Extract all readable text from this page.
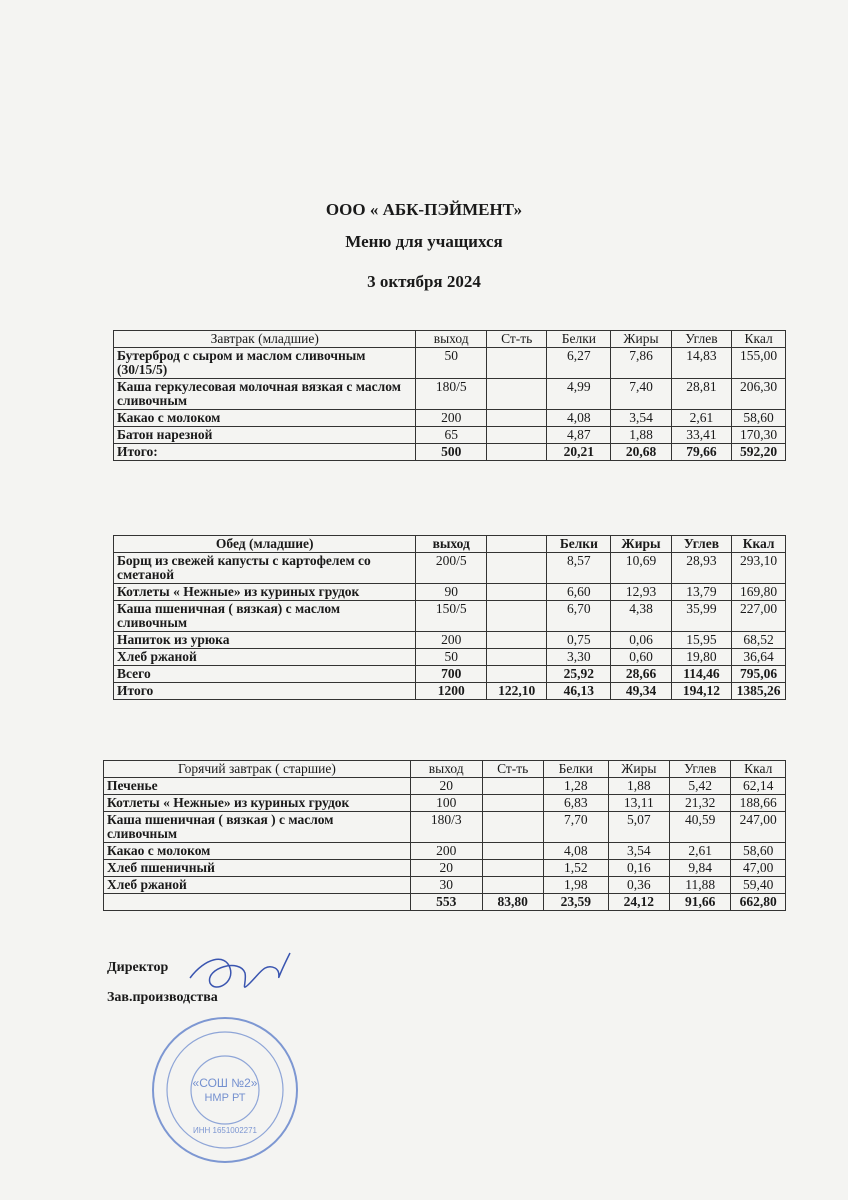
ООО « АБК-ПЭЙМЕНТ»
Меню для учащихся
3 октября 2024
Завтрак (младшие)	выход	Ст-ть	Белки	Жиры	Углев	Ккал
Бутерброд с сыром и маслом сливочным (30/15/5)	50		6,27	7,86	14,83	155,00
Каша геркулесовая молочная вязкая с маслом сливочным	180/5		4,99	7,40	28,81	206,30
Какао с молоком	200		4,08	3,54	2,61	58,60
Батон нарезной	65		4,87	1,88	33,41	170,30
Итого:	500		20,21	20,68	79,66	592,20
Обед (младшие)	выход		Белки	Жиры	Углев	Ккал
Борщ из свежей капусты с картофелем со сметаной	200/5		8,57	10,69	28,93	293,10
Котлеты « Нежные» из куриных грудок	90		6,60	12,93	13,79	169,80
Каша пшеничная ( вязкая) с маслом сливочным	150/5		6,70	4,38	35,99	227,00
Напиток из урюка	200		0,75	0,06	15,95	68,52
Хлеб ржаной	50		3,30	0,60	19,80	36,64
Всего	700		25,92	28,66	114,46	795,06
Итого	1200	122,10	46,13	49,34	194,12	1385,26
Горячий завтрак ( старшие)	выход	Ст-ть	Белки	Жиры	Углев	Ккал
Печенье	20		1,28	1,88	5,42	62,14
Котлеты « Нежные» из куриных грудок	100		6,83	13,11	21,32	188,66
Каша пшеничная ( вязкая ) с маслом сливочным	180/3		7,70	5,07	40,59	247,00
Какао с молоком	200		4,08	3,54	2,61	58,60
Хлеб пшеничный	20		1,52	0,16	9,84	47,00
Хлеб ржаной	30		1,98	0,36	11,88	59,40
	553	83,80	23,59	24,12	91,66	662,80
Директор
Зав.производства
«СОШ №2»
НМР РТ
ИНН 1651002271
